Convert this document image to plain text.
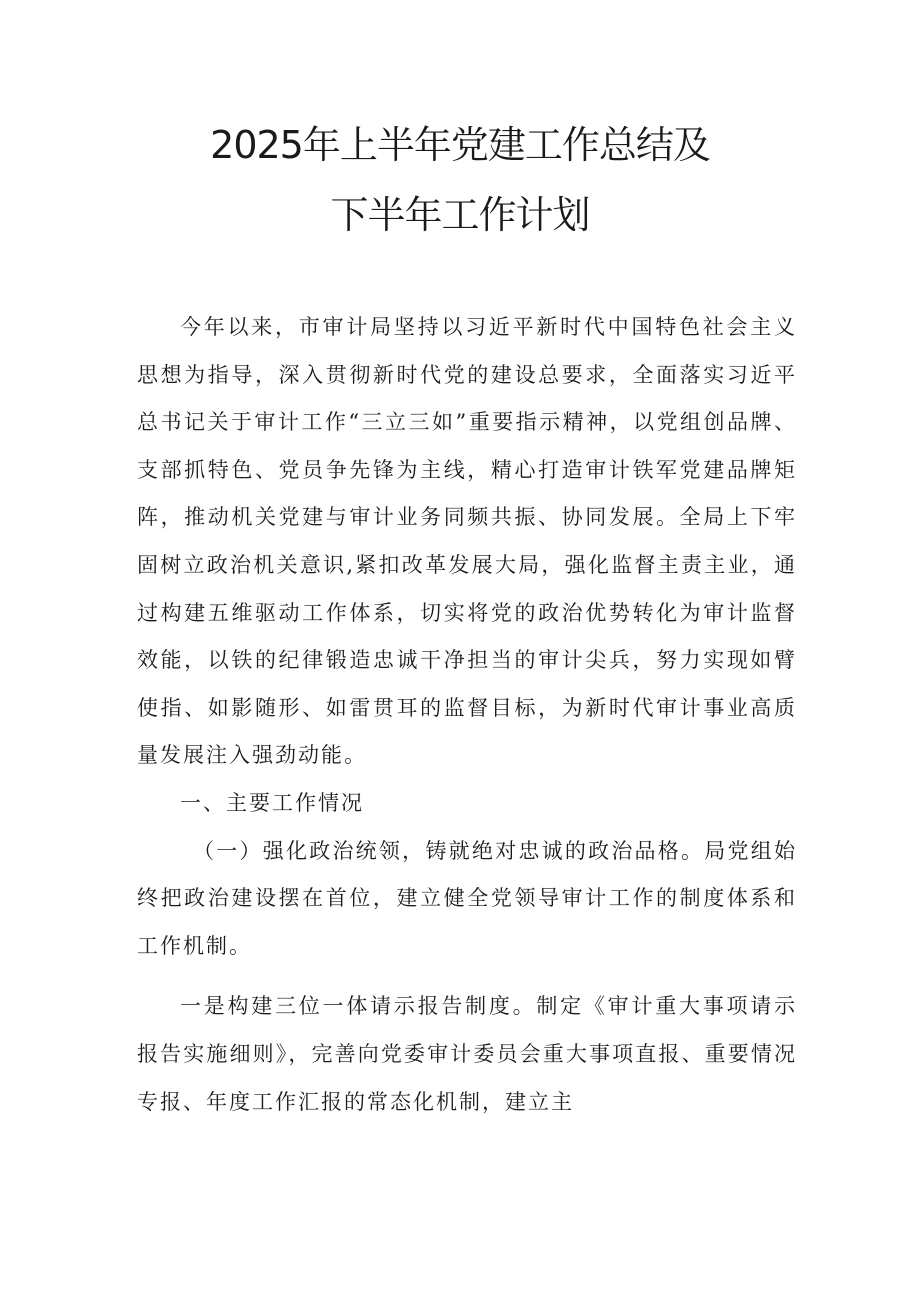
2025年上半年党建工作总结及
下半年工作计划

今年以来，市审计局坚持以习近平新时代中国特色社会主义思想为指导，深入贯彻新时代党的建设总要求，全面落实习近平总书记关于审计工作“三立三如”重要指示精神，以党组创品牌、支部抓特色、党员争先锋为主线，精心打造审计铁军党建品牌矩阵，推动机关党建与审计业务同频共振、协同发展。全局上下牢固树立政治机关意识,紧扣改革发展大局，强化监督主责主业，通过构建五维驱动工作体系，切实将党的政治优势转化为审计监督效能，以铁的纪律锻造忠诚干净担当的审计尖兵，努力实现如臂使指、如影随形、如雷贯耳的监督目标，为新时代审计事业高质量发展注入强劲动能。

一、主要工作情况

（一）强化政治统领，铸就绝对忠诚的政治品格。局党组始终把政治建设摆在首位，建立健全党领导审计工作的制度体系和工作机制。

一是构建三位一体请示报告制度。制定《审计重大事项请示报告实施细则》，完善向党委审计委员会重大事项直报、重要情况专报、年度工作汇报的常态化机制，建立主
